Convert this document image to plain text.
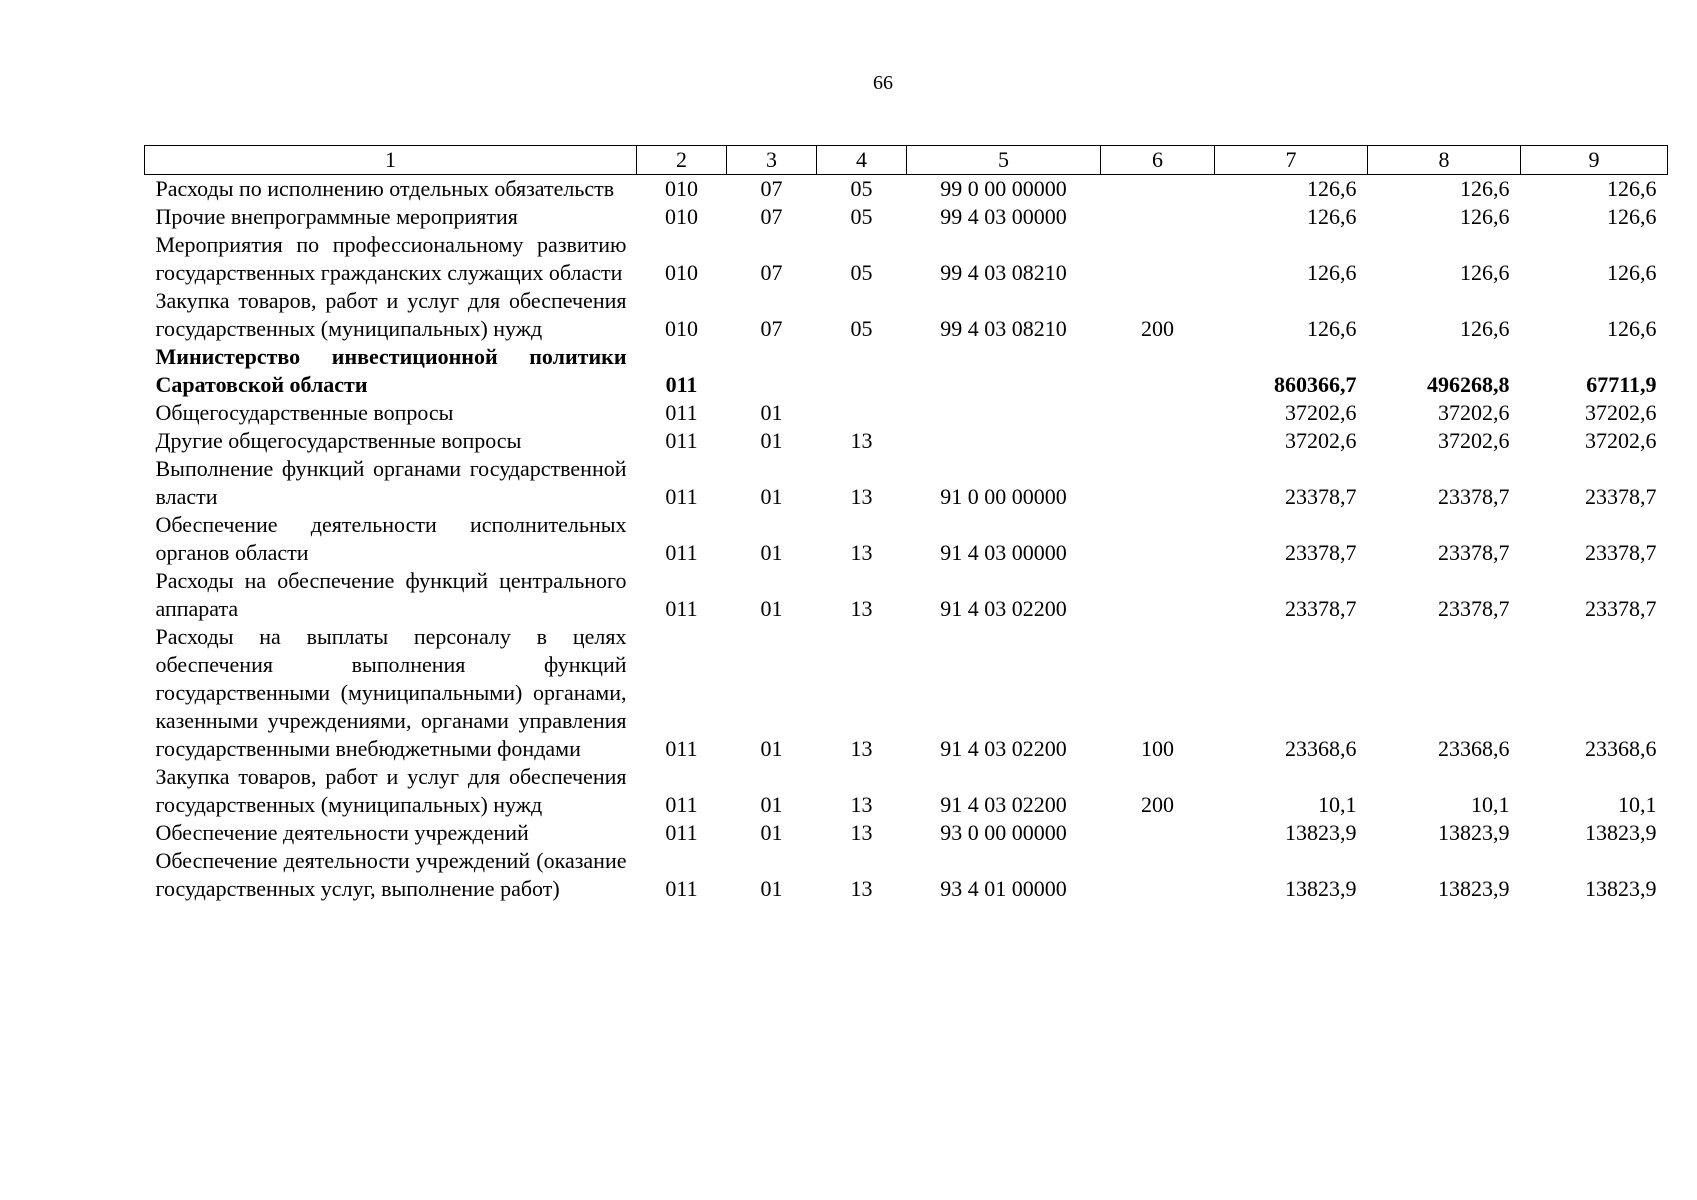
66
1	2	3	4	5	6	7	8	9
Расходы по исполнению отдельных обязательств	010	07	05	99 0 00 00000		126,6	126,6	126,6
Прочие внепрограммные мероприятия	010	07	05	99 4 03 00000		126,6	126,6	126,6
Мероприятия по профессиональному развитию государственных гражданских служащих области	010	07	05	99 4 03 08210		126,6	126,6	126,6
Закупка товаров, работ и услуг для обеспечения государственных (муниципальных) нужд	010	07	05	99 4 03 08210	200	126,6	126,6	126,6
Министерство инвестиционной политики Саратовской области	011					860366,7	496268,8	67711,9
Общегосударственные вопросы	011	01				37202,6	37202,6	37202,6
Другие общегосударственные вопросы	011	01	13			37202,6	37202,6	37202,6
Выполнение функций органами государственной власти	011	01	13	91 0 00 00000		23378,7	23378,7	23378,7
Обеспечение деятельности исполнительных органов области	011	01	13	91 4 03 00000		23378,7	23378,7	23378,7
Расходы на обеспечение функций центрального аппарата	011	01	13	91 4 03 02200		23378,7	23378,7	23378,7
Расходы на выплаты персоналу в целях обеспечения выполнения функций государственными (муниципальными) органами, казенными учреждениями, органами управления государственными внебюджетными фондами	011	01	13	91 4 03 02200	100	23368,6	23368,6	23368,6
Закупка товаров, работ и услуг для обеспечения государственных (муниципальных) нужд	011	01	13	91 4 03 02200	200	10,1	10,1	10,1
Обеспечение деятельности учреждений	011	01	13	93 0 00 00000		13823,9	13823,9	13823,9
Обеспечение деятельности учреждений (оказание государственных услуг, выполнение работ)	011	01	13	93 4 01 00000		13823,9	13823,9	13823,9
